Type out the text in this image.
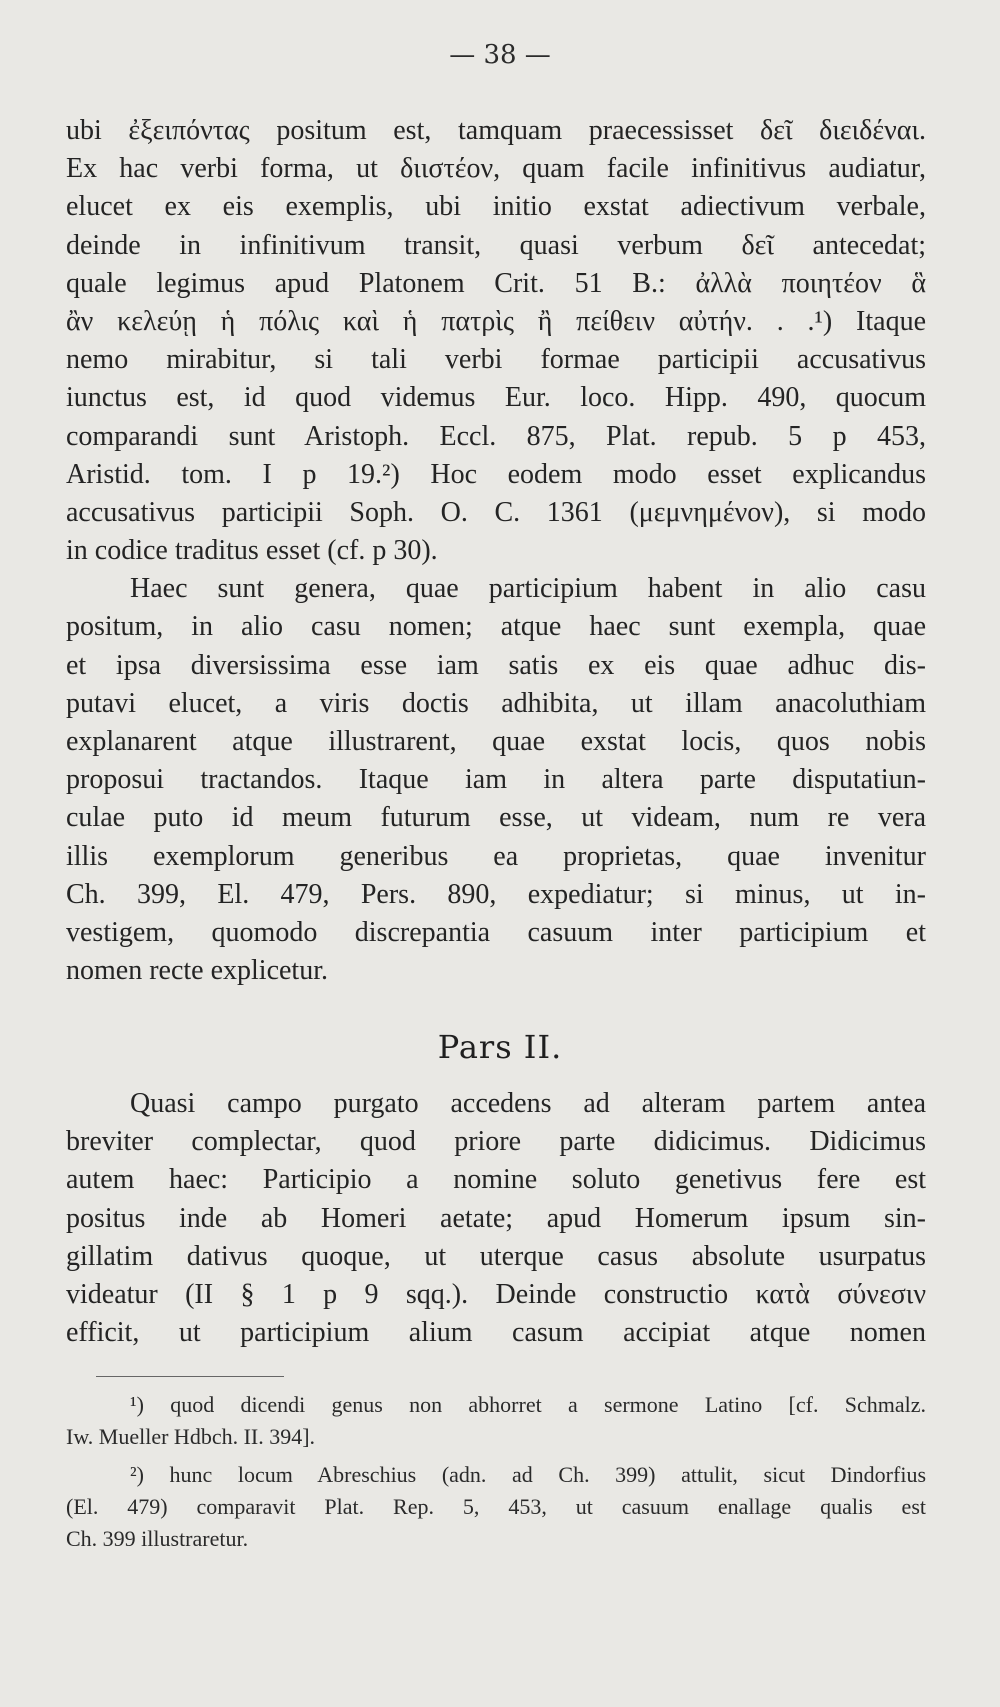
— 38 —
ubi ἐξειπόντας positum est, tamquam praecessisset δεῖ διειδέναι.
Ex hac verbi forma, ut διιστέον, quam facile infinitivus audiatur,
elucet ex eis exemplis, ubi initio exstat adiectivum verbale,
deinde in infinitivum transit, quasi verbum δεῖ antecedat;
quale legimus apud Platonem Crit. 51 B.: ἀλλὰ ποιητέον ἃ
ἂν κελεύῃ ἡ πόλις καὶ ἡ πατρὶς ἢ πείθειν αὐτήν. . .¹) Itaque
nemo mirabitur, si tali verbi formae participii accusativus
iunctus est, id quod videmus Eur. loco. Hipp. 490, quocum
comparandi sunt Aristoph. Eccl. 875, Plat. repub. 5 p 453,
Aristid. tom. I p 19.²) Hoc eodem modo esset explicandus
accusativus participii Soph. O. C. 1361 (μεμνημένον), si modo
in codice traditus esset (cf. p 30).
Haec sunt genera, quae participium habent in alio casu
positum, in alio casu nomen; atque haec sunt exempla, quae
et ipsa diversissima esse iam satis ex eis quae adhuc dis-
putavi elucet, a viris doctis adhibita, ut illam anacoluthiam
explanarent atque illustrarent, quae exstat locis, quos nobis
proposui tractandos. Itaque iam in altera parte disputatiun-
culae puto id meum futurum esse, ut videam, num re vera
illis exemplorum generibus ea proprietas, quae invenitur
Ch. 399, El. 479, Pers. 890, expediatur; si minus, ut in-
vestigem, quomodo discrepantia casuum inter participium et
nomen recte explicetur.
Pars II.
Quasi campo purgato accedens ad alteram partem antea
breviter complectar, quod priore parte didicimus. Didicimus
autem haec: Participio a nomine soluto genetivus fere est
positus inde ab Homeri aetate; apud Homerum ipsum sin-
gillatim dativus quoque, ut uterque casus absolute usurpatus
videatur (II § 1 p 9 sqq.). Deinde constructio κατὰ σύνεσιν
efficit, ut participium alium casum accipiat atque nomen
¹) quod dicendi genus non abhorret a sermone Latino [cf. Schmalz.
Iw. Mueller Hdbch. II. 394].
²) hunc locum Abreschius (adn. ad Ch. 399) attulit, sicut Dindorfius
(El. 479) comparavit Plat. Rep. 5, 453, ut casuum enallage qualis est
Ch. 399 illustraretur.
